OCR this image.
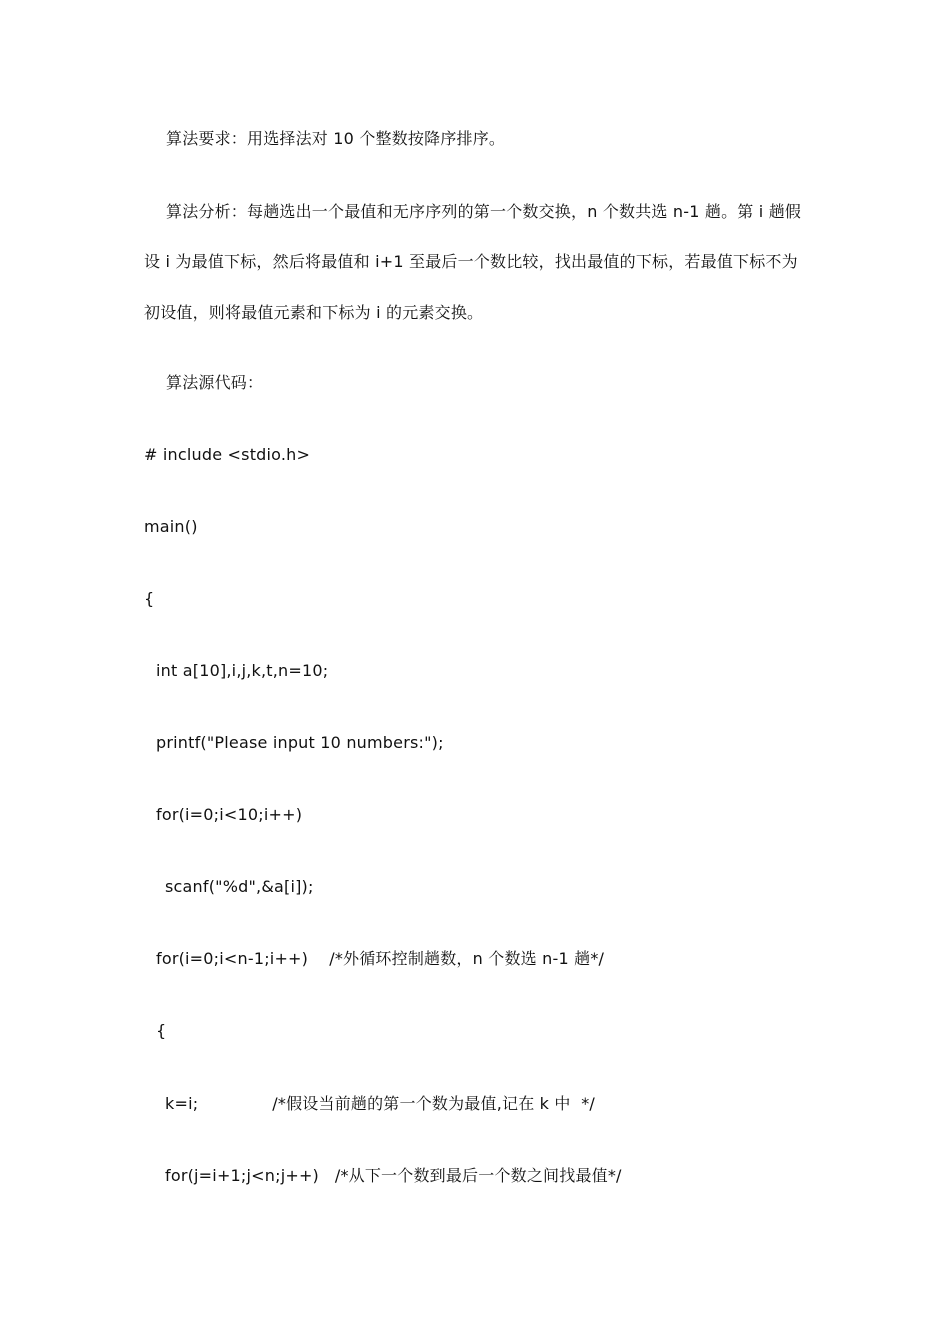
算法要求：用选择法对 10 个整数按降序排序。
算法分析：每趟选出一个最值和无序序列的第一个数交换，n 个数共选 n-1 趟。第 i 趟假
设 i 为最值下标，然后将最值和 i+1 至最后一个数比较，找出最值的下标，若最值下标不为
初设值，则将最值元素和下标为 i 的元素交换。
算法源代码：
# include <stdio.h>
main()
{
int a[10],i,j,k,t,n=10;
printf("Please input 10 numbers:");
for(i=0;i<10;i++)
scanf("%d",&a[i]);
for(i=0;i<n-1;i++)    /*外循环控制趟数，n 个数选 n-1 趟*/
{
k=i;              /*假设当前趟的第一个数为最值,记在 k 中  */
for(j=i+1;j<n;j++)   /*从下一个数到最后一个数之间找最值*/
